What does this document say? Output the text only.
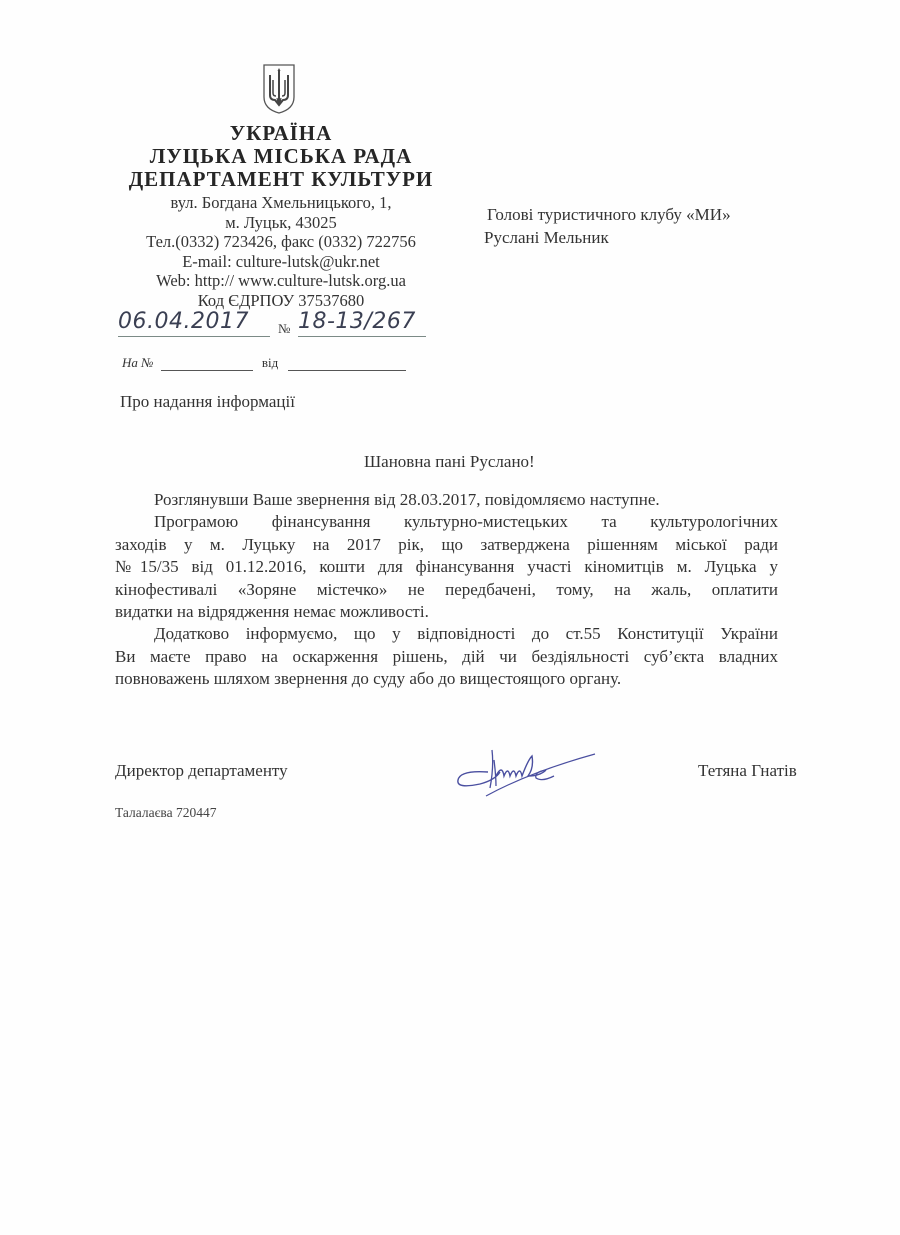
УКРАЇНА
ЛУЦЬКА МІСЬКА РАДА
ДЕПАРТАМЕНТ КУЛЬТУРИ
вул. Богдана Хмельницького, 1,
м. Луцьк, 43025
Тел.(0332) 723426, факс (0332) 722756
E-mail: culture-lutsk@ukr.net
Web: http:// www.culture-lutsk.org.ua
Код ЄДРПОУ 37537680
06.04.2017 № 18-13/267
На №	від
Голові туристичного клубу «МИ»
Руслані Мельник
Про надання інформації
Шановна пані Руслано!
Розглянувши Ваше звернення від 28.03.2017, повідомляємо наступне.
Програмою фінансування культурно-мистецьких та культурологічних
заходів у м. Луцьку на 2017 рік, що затверджена рішенням міської ради
№15/35 від 01.12.2016, кошти для фінансування участі кіномитців м. Луцька у
кінофестивалі «Зоряне містечко» не передбачені, тому, на жаль, оплатити
видатки на відрядження немає можливості.
Додатково інформуємо, що у відповідності до ст.55 Конституції України
Ви маєте право на оскарження рішень, дій чи бездіяльності суб’єкта владних
повноважень шляхом звернення до суду або до вищестоящого органу.
Директор департаменту	Тетяна Гнатів
Талалаєва 720447
